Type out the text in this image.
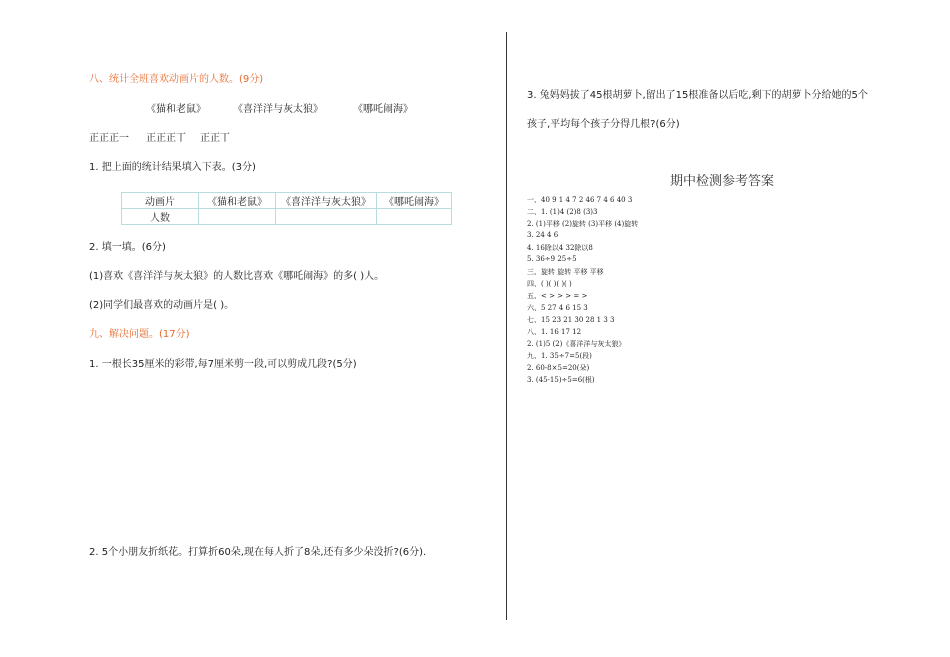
八、统计全班喜欢动画片的人数。(9分)
《猫和老鼠》	《喜洋洋与灰太狼》	《哪吒闹海》
正正正一 正正正丅 正正丅
1. 把上面的统计结果填入下表。(3分)
动画片	《猫和老鼠》	《喜洋洋与灰太狼》	《哪吒闹海》
人数			
2. 填一填。(6分)
(1)喜欢《喜洋洋与灰太狼》的人数比喜欢《哪吒闹海》的多( )人。
(2)同学们最喜欢的动画片是( )。
九、解决问题。(17分)
1. 一根长35厘米的彩带,每7厘米剪一段,可以剪成几段?(5分)
2. 5个小朋友折纸花。打算折60朵,现在每人折了8朵,还有多少朵没折?(6分).
3. 兔妈妈拔了45根胡萝卜,留出了15根准备以后吃,剩下的胡萝卜分给她的5个
孩子,平均每个孩子分得几根?(6分)
期中检测参考答案
一、40 9 1 4 7 2 46 7 4 6 40 3
二、1. (1)4 (2)8 (3)3
2. (1)平移 (2)旋转 (3)平移 (4)旋转
3. 24 4 6
4. 16除以4 32除以8
5. 36÷9 25÷5
三、旋转 旋转 平移 平移
四、( )( )( )( )
五、< > > > = >
六、5 27 4 6 15 3
七、15 23 21 30 28 1 3 3
八、1. 16 17 12
2. (1)5 (2)《喜洋洋与灰太狼》
九、1. 35÷7=5(段)
2. 60-8×5=20(朵)
3. (45-15)÷5=6(根)
